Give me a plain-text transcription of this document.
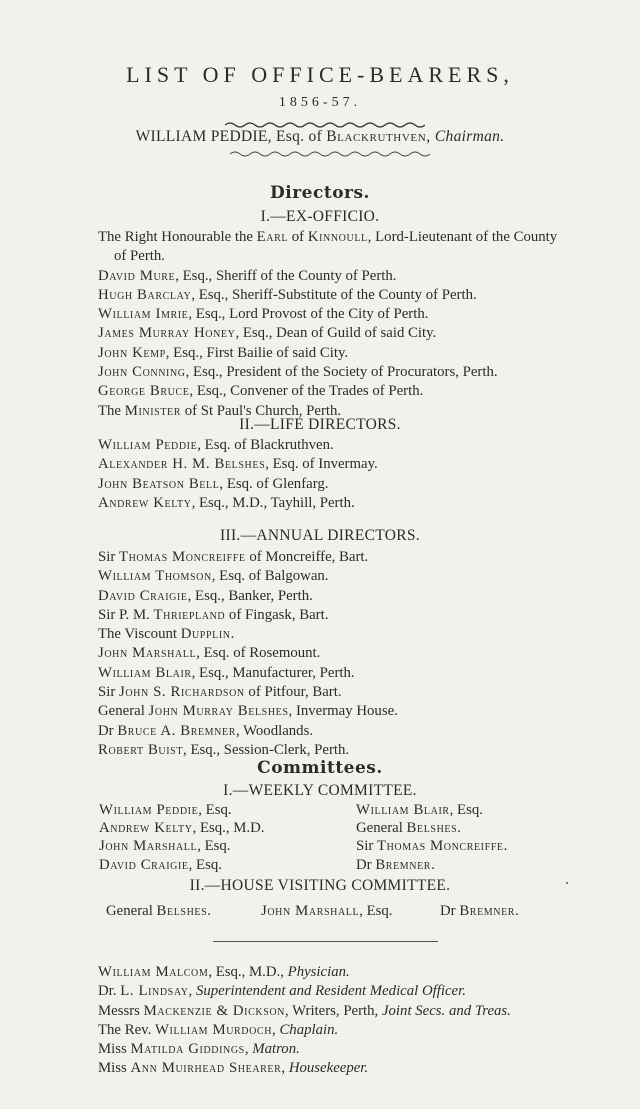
LIST OF OFFICE-BEARERS,
1856-57.
WILLIAM PEDDIE, Esq. of Blackruthven, Chairman.
Directors.
I.—EX-OFFICIO.
The Right Honourable the Earl of Kinnoull, Lord-Lieutenant of the County
of Perth.
David Mure, Esq., Sheriff of the County of Perth.
Hugh Barclay, Esq., Sheriff-Substitute of the County of Perth.
William Imrie, Esq., Lord Provost of the City of Perth.
James Murray Honey, Esq., Dean of Guild of said City.
John Kemp, Esq., First Bailie of said City.
John Conning, Esq., President of the Society of Procurators, Perth.
George Bruce, Esq., Convener of the Trades of Perth.
The Minister of St Paul's Church, Perth.
II.—LIFE DIRECTORS.
William Peddie, Esq. of Blackruthven.
Alexander H. M. Belshes, Esq. of Invermay.
John Beatson Bell, Esq. of Glenfarg.
Andrew Kelty, Esq., M.D., Tayhill, Perth.
III.—ANNUAL DIRECTORS.
Sir Thomas Moncreiffe of Moncreiffe, Bart.
William Thomson, Esq. of Balgowan.
David Craigie, Esq., Banker, Perth.
Sir P. M. Thriepland of Fingask, Bart.
The Viscount Dupplin.
John Marshall, Esq. of Rosemount.
William Blair, Esq., Manufacturer, Perth.
Sir John S. Richardson of Pitfour, Bart.
General John Murray Belshes, Invermay House.
Dr Bruce A. Bremner, Woodlands.
Robert Buist, Esq., Session-Clerk, Perth.
Committees.
I.—WEEKLY COMMITTEE.
William Peddie, Esq.
Andrew Kelty, Esq., M.D.
John Marshall, Esq.
David Craigie, Esq.
William Blair, Esq.
General Belshes.
Sir Thomas Moncreiffe.
Dr Bremner.
II.—HOUSE VISITING COMMITTEE.
General Belshes.	John Marshall, Esq.	Dr Bremner.
William Malcom, Esq., M.D., Physician.
Dr. L. Lindsay, Superintendent and Resident Medical Officer.
Messrs Mackenzie & Dickson, Writers, Perth, Joint Secs. and Treas.
The Rev. William Murdoch, Chaplain.
Miss Matilda Giddings, Matron.
Miss Ann Muirhead Shearer, Housekeeper.
